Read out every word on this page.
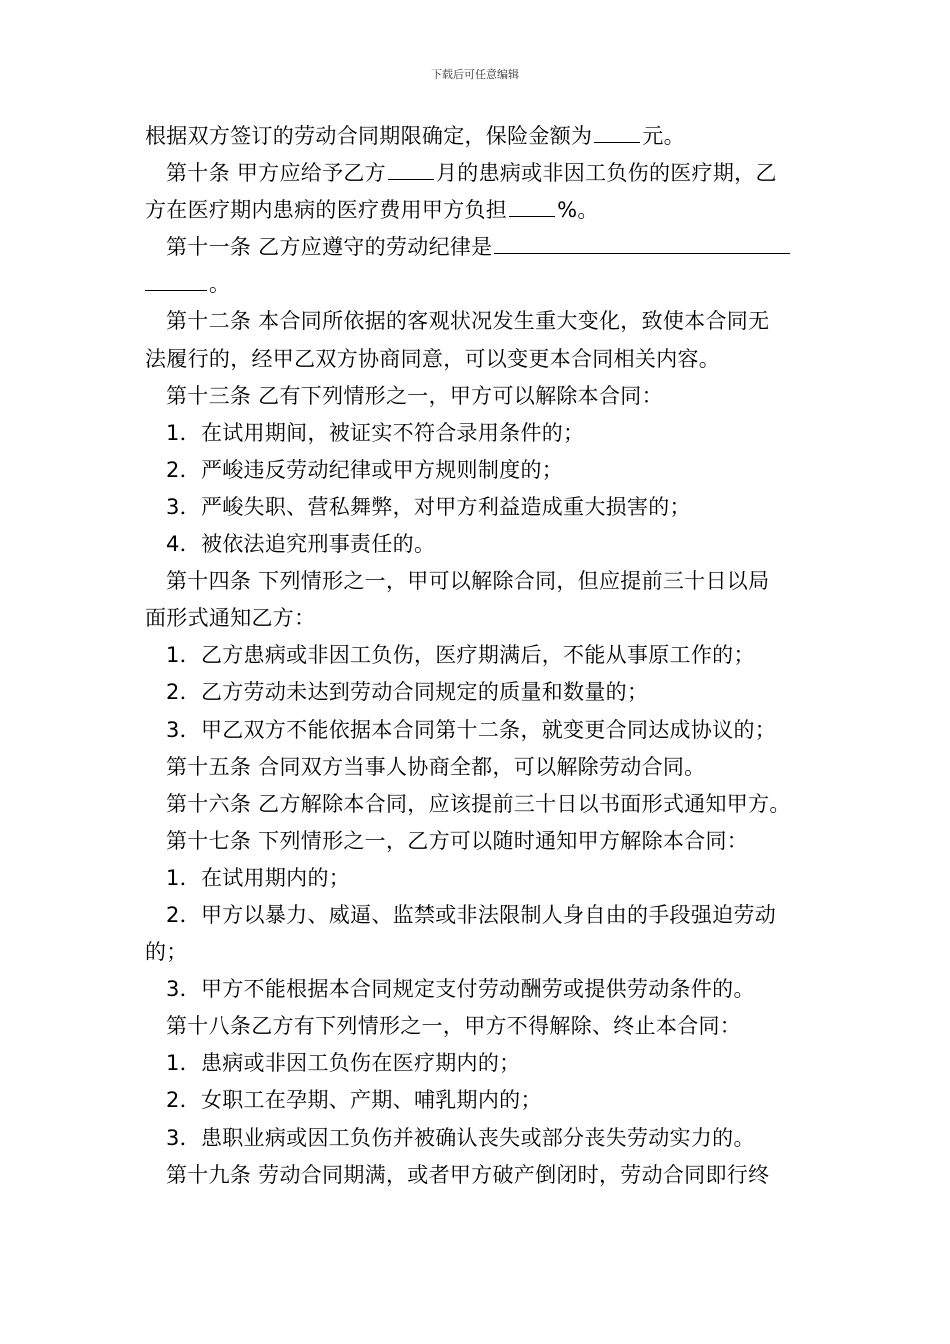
下载后可任意编辑
根据双方签订的劳动合同期限确定，保险金额为 元。
第十条 甲方应给予乙方 月的患病或非因工负伤的医疗期，乙
方在医疗期内患病的医疗费用甲方负担 %。
第十一条 乙方应遵守的劳动纪律是
。
第十二条 本合同所依据的客观状况发生重大变化，致使本合同无
法履行的，经甲乙双方协商同意，可以变更本合同相关内容。
第十三条 乙有下列情形之一，甲方可以解除本合同：
1．在试用期间，被证实不符合录用条件的；
2．严峻违反劳动纪律或甲方规则制度的；
3．严峻失职、营私舞弊，对甲方利益造成重大损害的；
4．被依法追究刑事责任的。
第十四条 下列情形之一，甲可以解除合同，但应提前三十日以局
面形式通知乙方：
1．乙方患病或非因工负伤，医疗期满后，不能从事原工作的；
2．乙方劳动未达到劳动合同规定的质量和数量的；
3．甲乙双方不能依据本合同第十二条，就变更合同达成协议的；
第十五条 合同双方当事人协商全都，可以解除劳动合同。
第十六条 乙方解除本合同，应该提前三十日以书面形式通知甲方。
第十七条 下列情形之一，乙方可以随时通知甲方解除本合同：
1．在试用期内的；
2．甲方以暴力、威逼、监禁或非法限制人身自由的手段强迫劳动
的；
3．甲方不能根据本合同规定支付劳动酬劳或提供劳动条件的。
第十八条乙方有下列情形之一，甲方不得解除、终止本合同：
1．患病或非因工负伤在医疗期内的；
2．女职工在孕期、产期、哺乳期内的；
3．患职业病或因工负伤并被确认丧失或部分丧失劳动实力的。
第十九条 劳动合同期满，或者甲方破产倒闭时，劳动合同即行终
